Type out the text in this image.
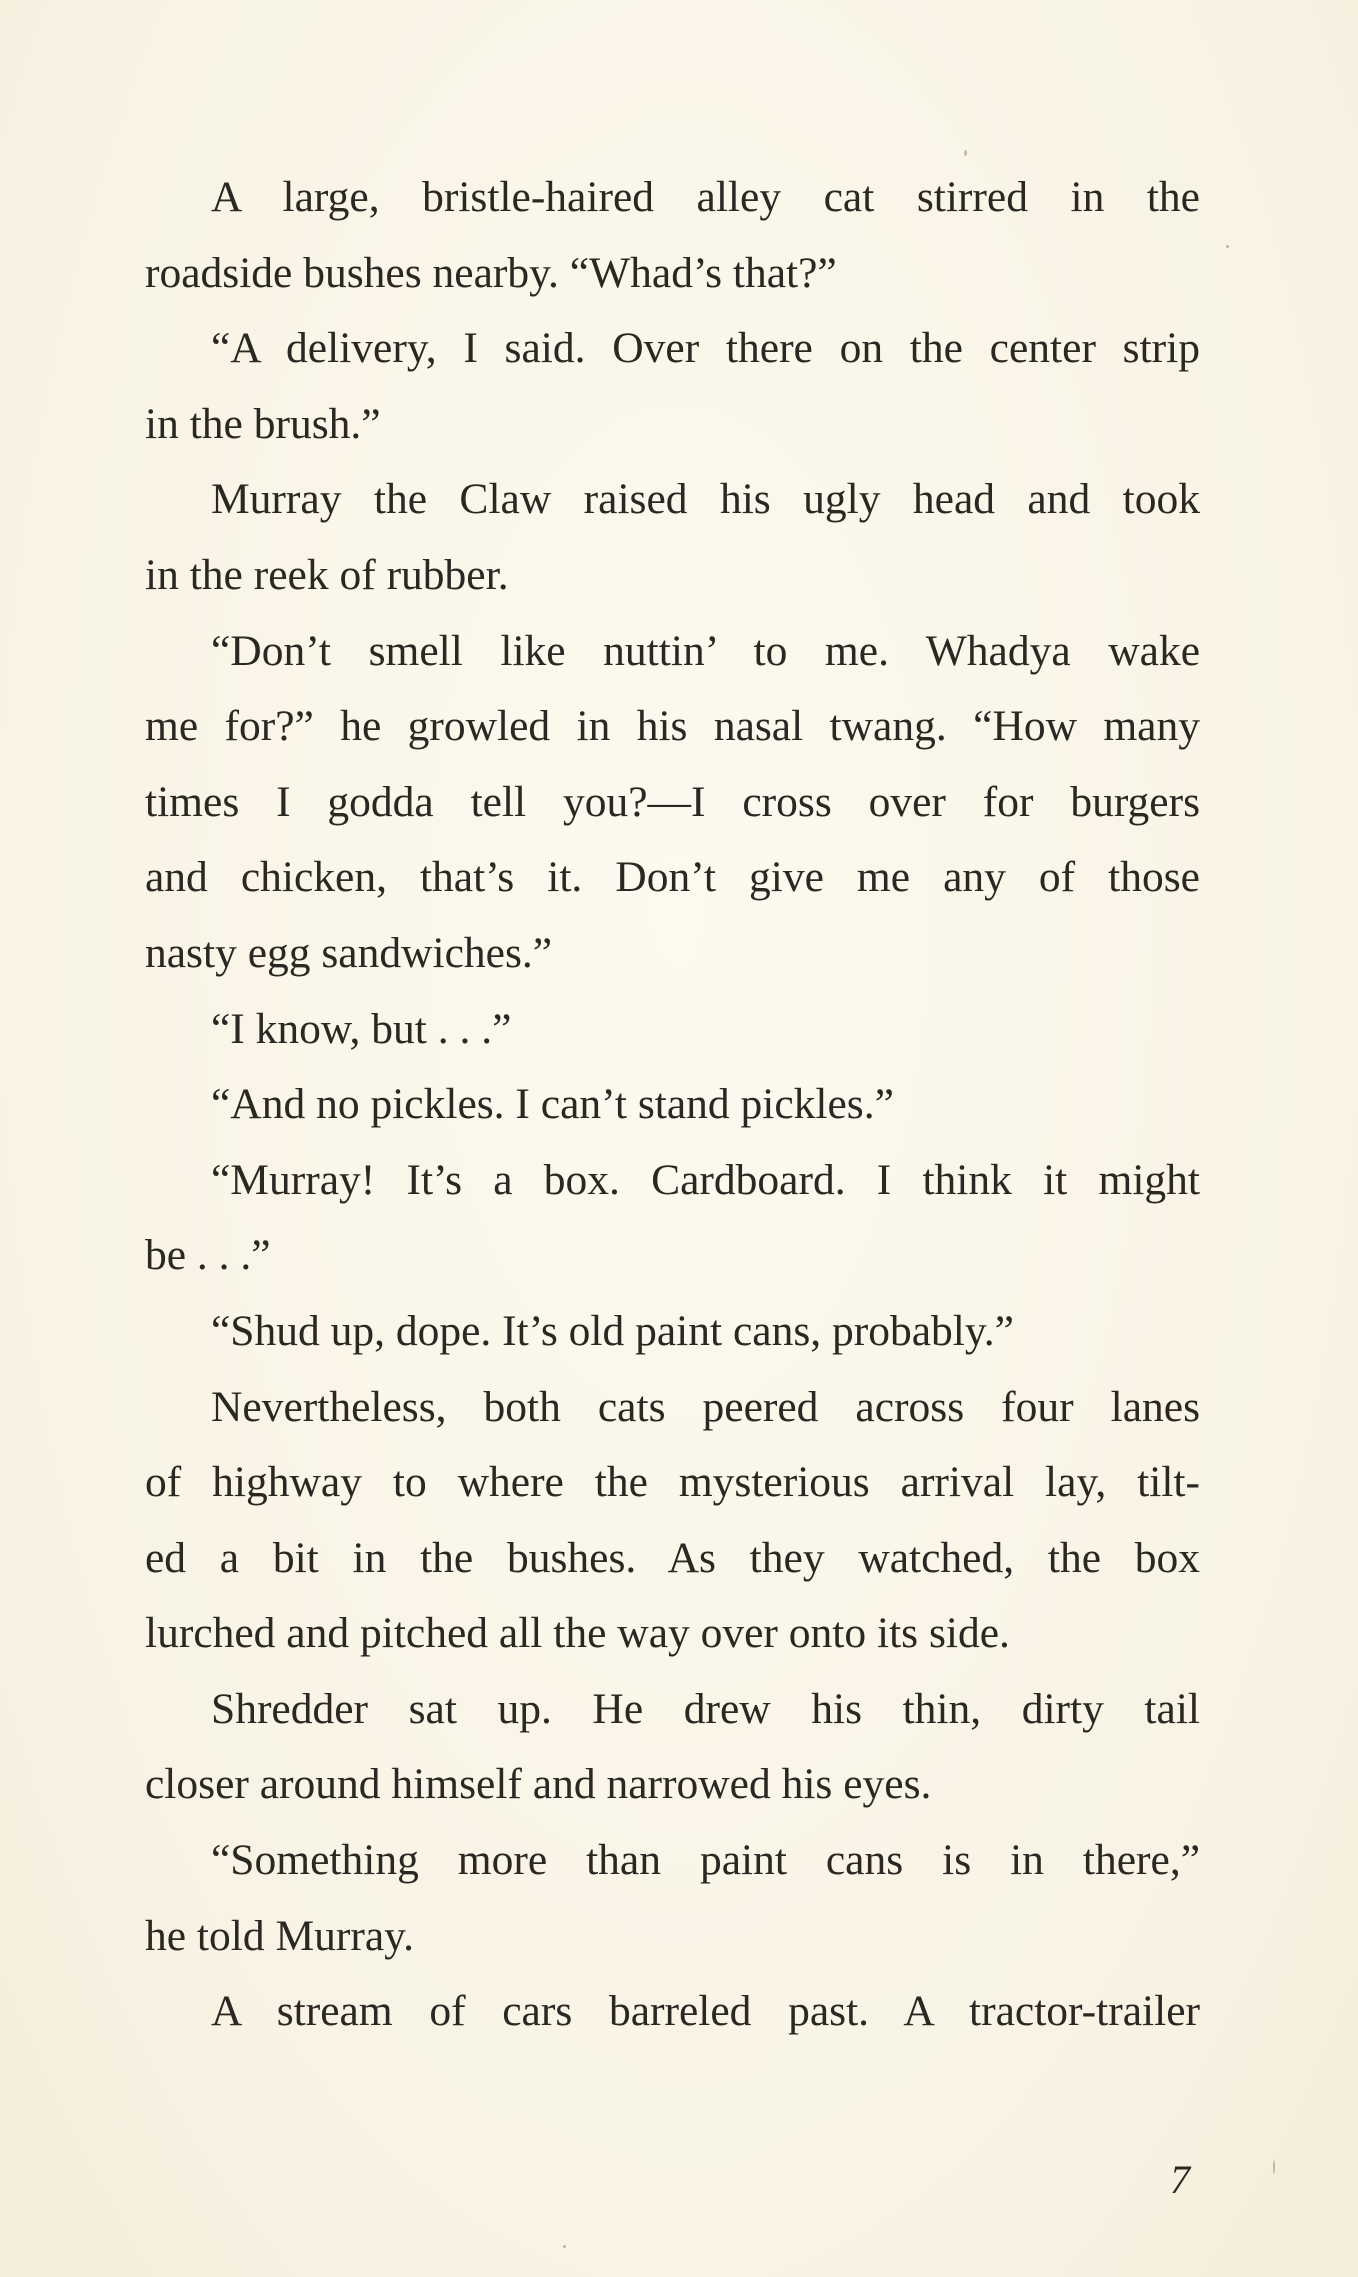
A large, bristle-haired alley cat stirred in the
roadside bushes nearby. “Whad’s that?”
“A delivery, I said. Over there on the center strip
in the brush.”
Murray the Claw raised his ugly head and took
in the reek of rubber.
“Don’t smell like nuttin’ to me. Whadya wake
me for?” he growled in his nasal twang. “How many
times I godda tell you?—I cross over for burgers
and chicken, that’s it. Don’t give me any of those
nasty egg sandwiches.”
“I know, but . . .”
“And no pickles. I can’t stand pickles.”
“Murray! It’s a box. Cardboard. I think it might
be . . .”
“Shud up, dope. It’s old paint cans, probably.”
Nevertheless, both cats peered across four lanes
of highway to where the mysterious arrival lay, tilt-
ed a bit in the bushes. As they watched, the box
lurched and pitched all the way over onto its side.
Shredder sat up. He drew his thin, dirty tail
closer around himself and narrowed his eyes.
“Something more than paint cans is in there,”
he told Murray.
A stream of cars barreled past. A tractor-trailer
7
